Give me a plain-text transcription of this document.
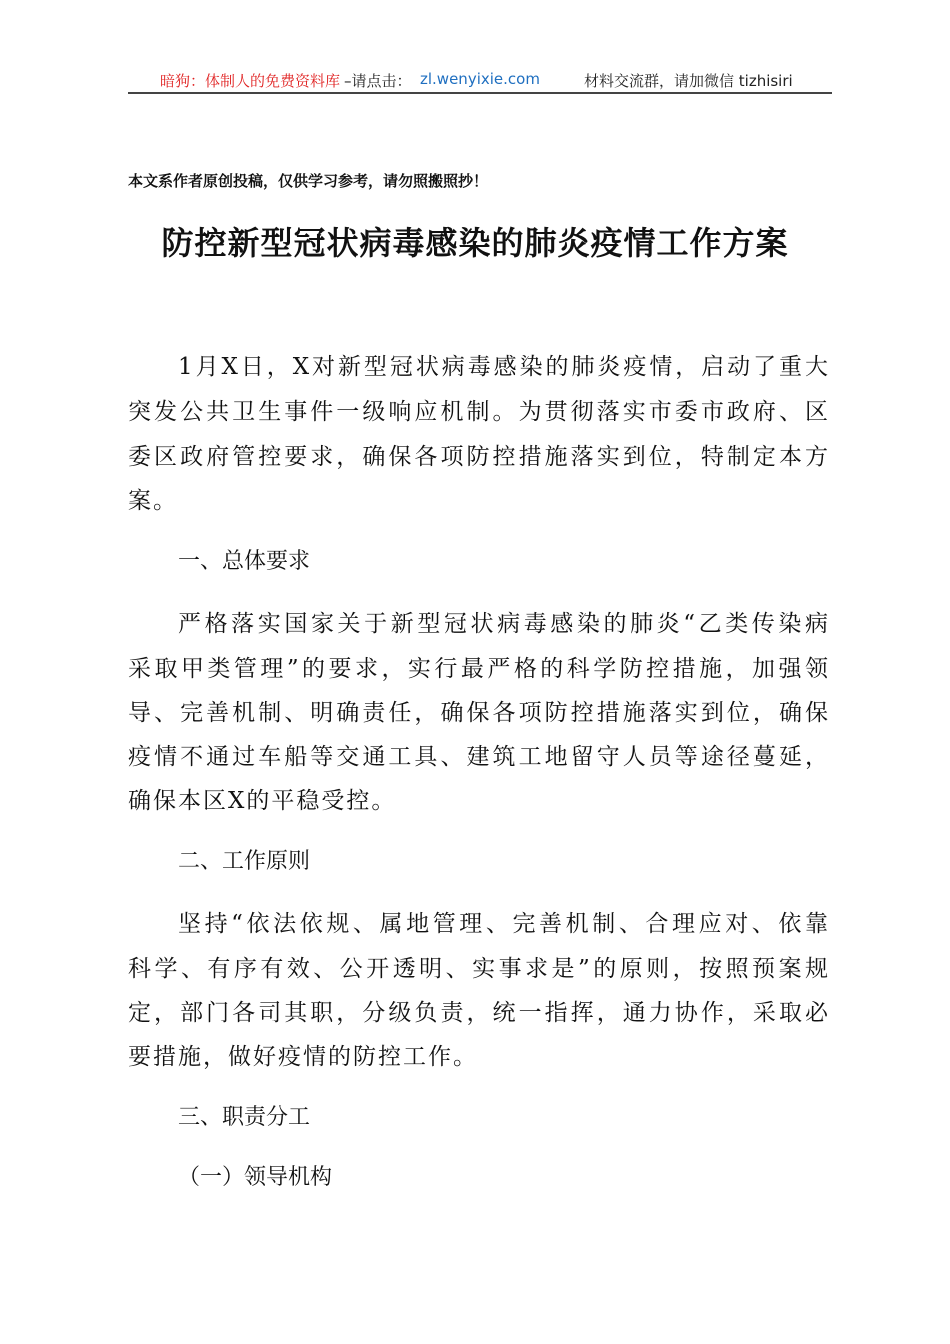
暗狗：体制人的免费资料库 –请点击： zl.wenyixie.com	材料交流群，请加微信 tizhisiri
本文系作者原创投稿，仅供学习参考，请勿照搬照抄！
防控新型冠状病毒感染的肺炎疫情工作方案
1月X日，X对新型冠状病毒感染的肺炎疫情，启动了重大
突发公共卫生事件一级响应机制。为贯彻落实市委市政府、区
委区政府管控要求，确保各项防控措施落实到位，特制定本方
案。
一、总体要求
严格落实国家关于新型冠状病毒感染的肺炎“乙类传染病
采取甲类管理”的要求，实行最严格的科学防控措施，加强领
导、完善机制、明确责任，确保各项防控措施落实到位，确保
疫情不通过车船等交通工具、建筑工地留守人员等途径蔓延，
确保本区X的平稳受控。
二、工作原则
坚持“依法依规、属地管理、完善机制、合理应对、依靠
科学、有序有效、公开透明、实事求是”的原则，按照预案规
定，部门各司其职，分级负责，统一指挥，通力协作，采取必
要措施，做好疫情的防控工作。
三、职责分工
（一）领导机构
